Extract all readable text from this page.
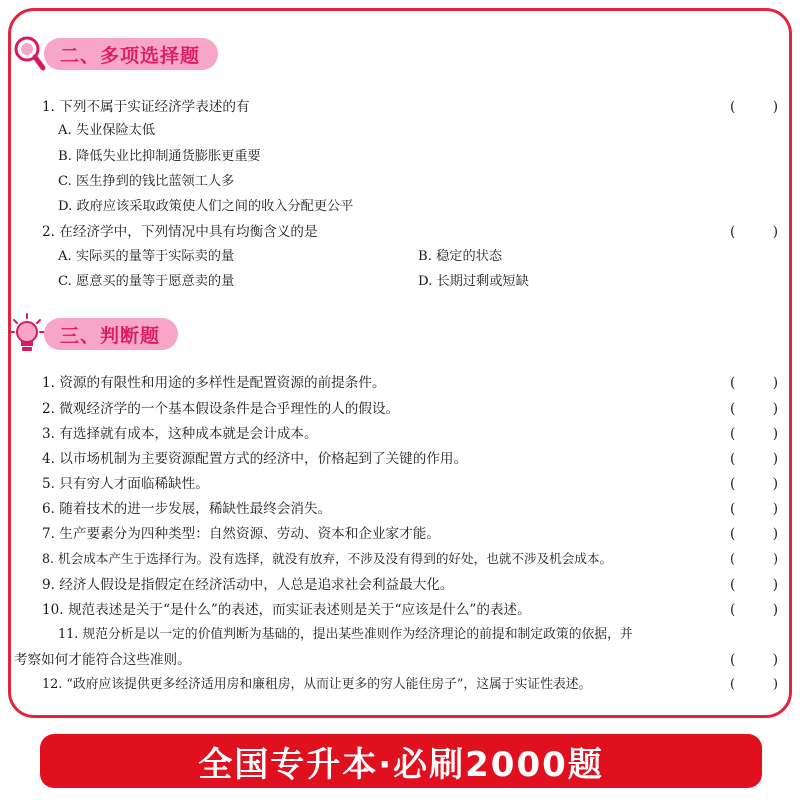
二、多项选择题
1. 下列不属于实证经济学表述的有	(	)
A. 失业保险太低
B. 降低失业比抑制通货膨胀更重要
C. 医生挣到的钱比蓝领工人多
D. 政府应该采取政策使人们之间的收入分配更公平
2. 在经济学中，下列情况中具有均衡含义的是	(	)
A. 实际买的量等于实际卖的量	B. 稳定的状态
C. 愿意买的量等于愿意卖的量	D. 长期过剩或短缺
三、判断题
1. 资源的有限性和用途的多样性是配置资源的前提条件。	(	)
2. 微观经济学的一个基本假设条件是合乎理性的人的假设。	(	)
3. 有选择就有成本，这种成本就是会计成本。	(	)
4. 以市场机制为主要资源配置方式的经济中，价格起到了关键的作用。	(	)
5. 只有穷人才面临稀缺性。	(	)
6. 随着技术的进一步发展，稀缺性最终会消失。	(	)
7. 生产要素分为四种类型：自然资源、劳动、资本和企业家才能。	(	)
8. 机会成本产生于选择行为。没有选择，就没有放弃，不涉及没有得到的好处，也就不涉及机会成本。	(	)
9. 经济人假设是指假定在经济活动中，人总是追求社会利益最大化。	(	)
10. 规范表述是关于“是什么”的表述，而实证表述则是关于“应该是什么”的表述。	(	)
11. 规范分析是以一定的价值判断为基础的，提出某些准则作为经济理论的前提和制定政策的依据，并
考察如何才能符合这些准则。	(	)
12. “政府应该提供更多经济适用房和廉租房，从而让更多的穷人能住房子”，这属于实证性表述。	(	)
全国专升本·必刷2000题
